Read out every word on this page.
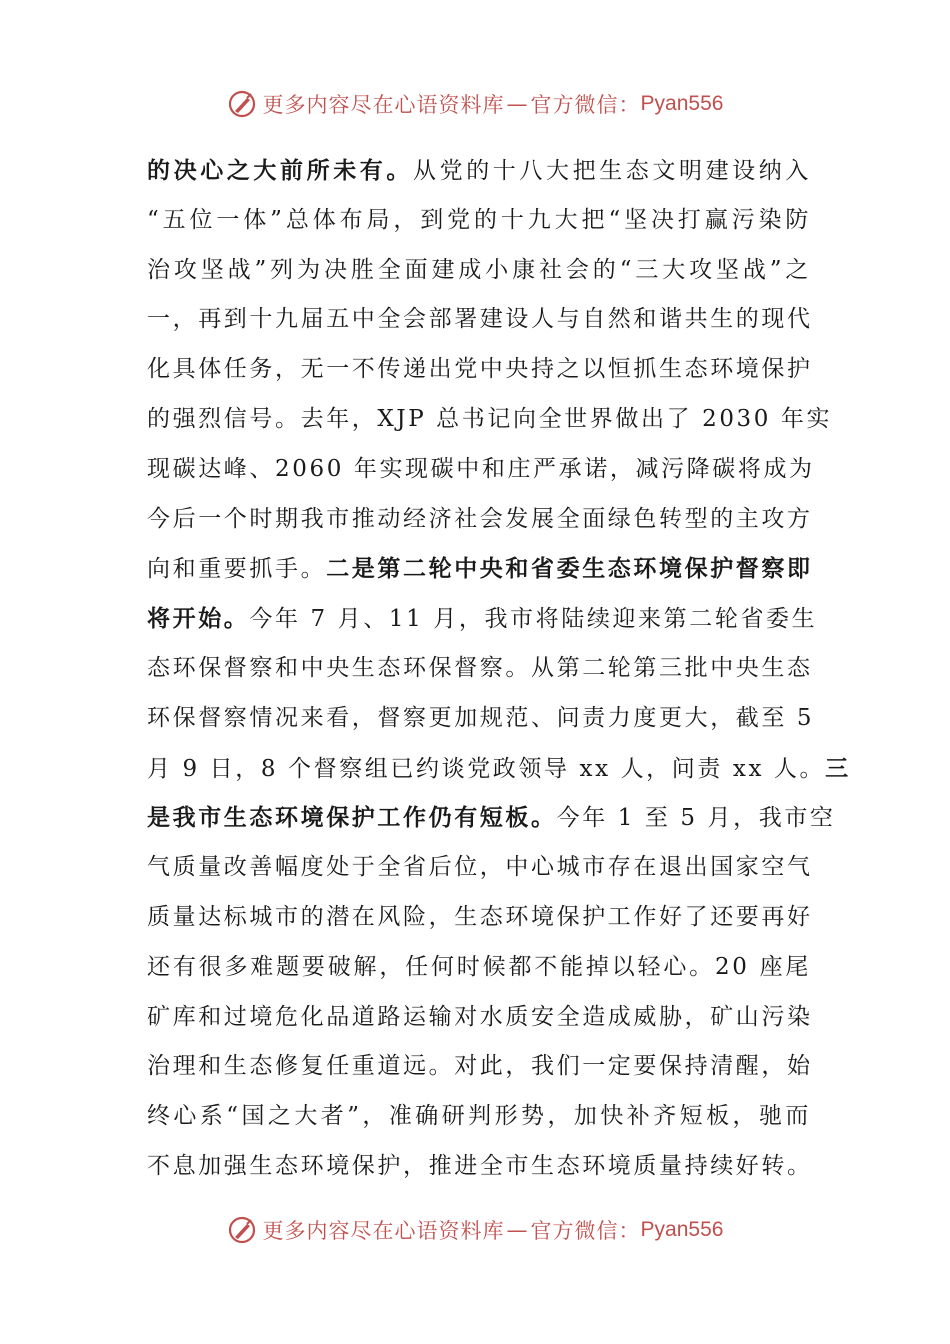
更多内容尽在心语资料库 — 官方微信： Pyan556
的决心之大前所未有。从党的十八大把生态文明建设纳入
“五位一体”总体布局，到党的十九大把“坚决打赢污染防
治攻坚战”列为决胜全面建成小康社会的“三大攻坚战”之
一，再到十九届五中全会部署建设人与自然和谐共生的现代
化具体任务，无一不传递出党中央持之以恒抓生态环境保护
的强烈信号。去年，XJP 总书记向全世界做出了 2030 年实
现碳达峰、2060 年实现碳中和庄严承诺，减污降碳将成为
今后一个时期我市推动经济社会发展全面绿色转型的主攻方
向和重要抓手。二是第二轮中央和省委生态环境保护督察即
将开始。今年 7 月、11 月，我市将陆续迎来第二轮省委生
态环保督察和中央生态环保督察。从第二轮第三批中央生态
环保督察情况来看，督察更加规范、问责力度更大，截至 5
月 9 日，8 个督察组已约谈党政领导 xx 人，问责 xx 人。三
是我市生态环境保护工作仍有短板。今年 1 至 5 月，我市空
气质量改善幅度处于全省后位，中心城市存在退出国家空气
质量达标城市的潜在风险，生态环境保护工作好了还要再好
还有很多难题要破解，任何时候都不能掉以轻心。20 座尾
矿库和过境危化品道路运输对水质安全造成威胁，矿山污染
治理和生态修复任重道远。对此，我们一定要保持清醒，始
终心系“国之大者”，准确研判形势，加快补齐短板，驰而
不息加强生态环境保护，推进全市生态环境质量持续好转。
更多内容尽在心语资料库 — 官方微信： Pyan556
